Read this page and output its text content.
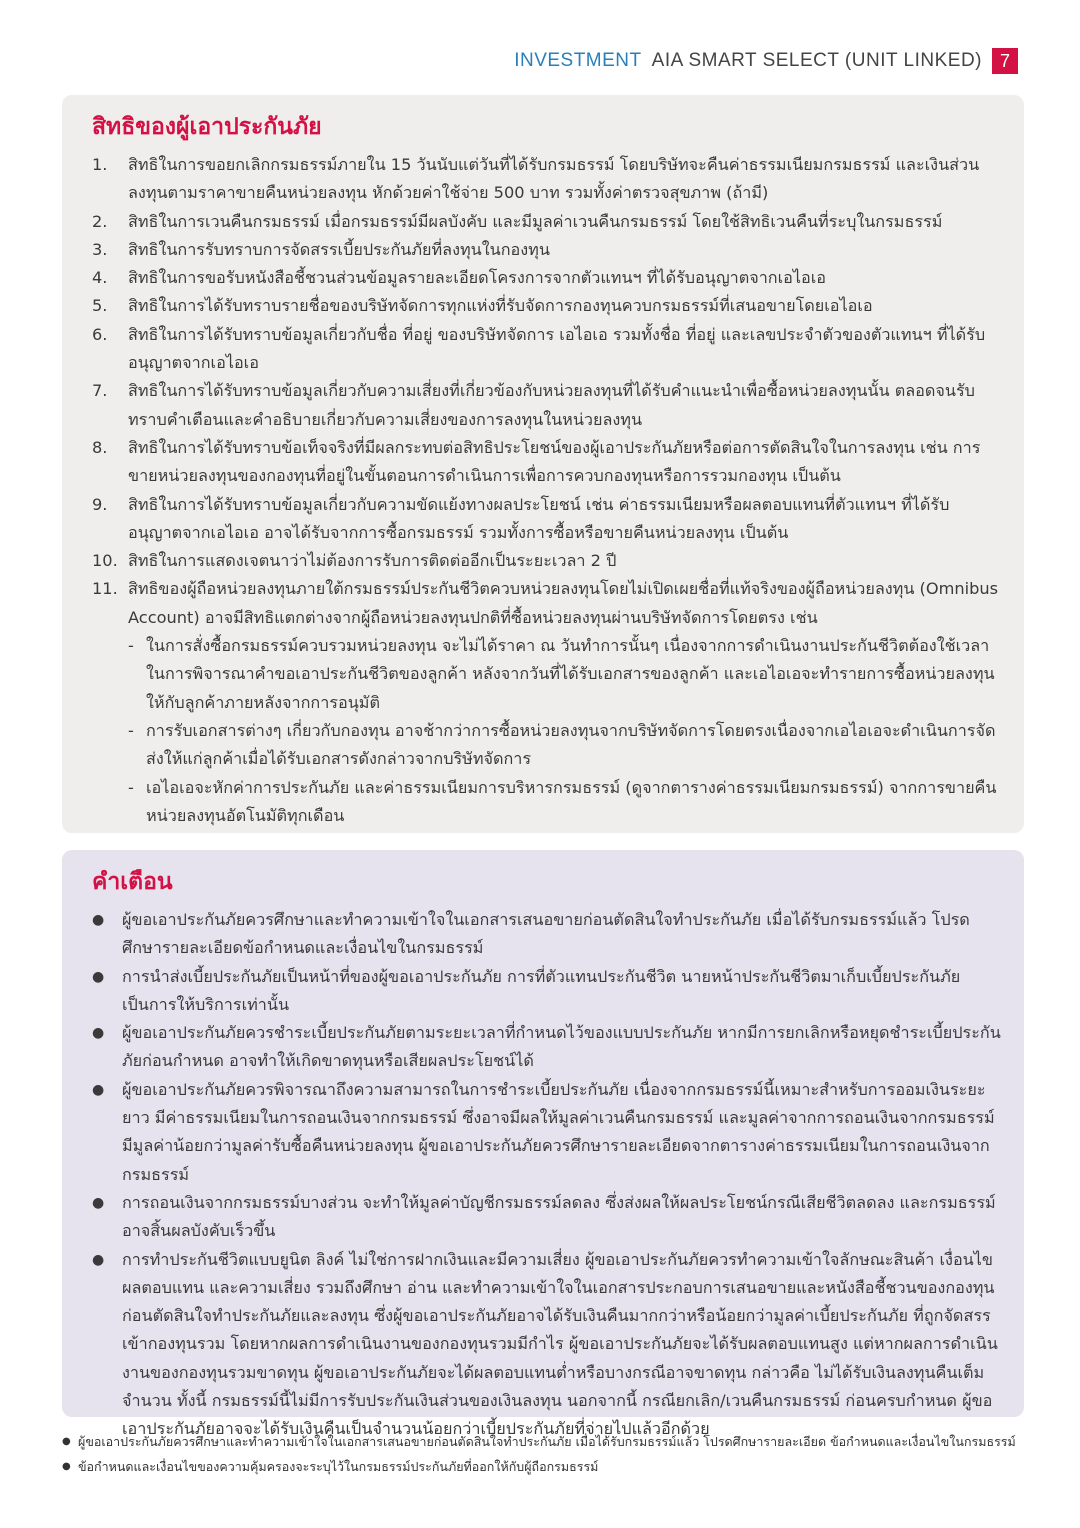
INVESTMENT AIA SMART SELECT (UNIT LINKED) 7
สิทธิของผู้เอาประกันภัย
1.	สิทธิในการขอยกเลิกกรมธรรม์ภายใน 15 วันนับแต่วันที่ได้รับกรมธรรม์ โดยบริษัทจะคืนค่าธรรมเนียมกรมธรรม์ และเงินส่วนลงทุนตามราคาขายคืนหน่วยลงทุน หักด้วยค่าใช้จ่าย 500 บาท รวมทั้งค่าตรวจสุขภาพ (ถ้ามี)
2.	สิทธิในการเวนคืนกรมธรรม์ เมื่อกรมธรรม์มีผลบังคับ และมีมูลค่าเวนคืนกรมธรรม์ โดยใช้สิทธิเวนคืนที่ระบุในกรมธรรม์
3.	สิทธิในการรับทราบการจัดสรรเบี้ยประกันภัยที่ลงทุนในกองทุน
4.	สิทธิในการขอรับหนังสือชี้ชวนส่วนข้อมูลรายละเอียดโครงการจากตัวแทนฯ ที่ได้รับอนุญาตจากเอไอเอ
5.	สิทธิในการได้รับทราบรายชื่อของบริษัทจัดการทุกแห่งที่รับจัดการกองทุนควบกรมธรรม์ที่เสนอขายโดยเอไอเอ
6.	สิทธิในการได้รับทราบข้อมูลเกี่ยวกับชื่อ ที่อยู่ ของบริษัทจัดการ เอไอเอ รวมทั้งชื่อ ที่อยู่ และเลขประจำตัวของตัวแทนฯ ที่ได้รับอนุญาตจากเอไอเอ
7.	สิทธิในการได้รับทราบข้อมูลเกี่ยวกับความเสี่ยงที่เกี่ยวข้องกับหน่วยลงทุนที่ได้รับคำแนะนำเพื่อซื้อหน่วยลงทุนนั้น ตลอดจนรับทราบคำเตือนและคำอธิบายเกี่ยวกับความเสี่ยงของการลงทุนในหน่วยลงทุน
8.	สิทธิในการได้รับทราบข้อเท็จจริงที่มีผลกระทบต่อสิทธิประโยชน์ของผู้เอาประกันภัยหรือต่อการตัดสินใจในการลงทุน เช่น การขายหน่วยลงทุนของกองทุนที่อยู่ในขั้นตอนการดำเนินการเพื่อการควบกองทุนหรือการรวมกองทุน เป็นต้น
9.	สิทธิในการได้รับทราบข้อมูลเกี่ยวกับความขัดแย้งทางผลประโยชน์ เช่น ค่าธรรมเนียมหรือผลตอบแทนที่ตัวแทนฯ ที่ได้รับอนุญาตจากเอไอเอ อาจได้รับจากการซื้อกรมธรรม์ รวมทั้งการซื้อหรือขายคืนหน่วยลงทุน เป็นต้น
10. สิทธิในการแสดงเจตนาว่าไม่ต้องการรับการติดต่ออีกเป็นระยะเวลา 2 ปี
11. สิทธิของผู้ถือหน่วยลงทุนภายใต้กรมธรรม์ประกันชีวิตควบหน่วยลงทุนโดยไม่เปิดเผยชื่อที่แท้จริงของผู้ถือหน่วยลงทุน (Omnibus Account) อาจมีสิทธิแตกต่างจากผู้ถือหน่วยลงทุนปกติที่ซื้อหน่วยลงทุนผ่านบริษัทจัดการโดยตรง เช่น
- ในการสั่งซื้อกรมธรรม์ควบรวมหน่วยลงทุน จะไม่ได้ราคา ณ วันทำการนั้นๆ เนื่องจากการดำเนินงานประกันชีวิตต้องใช้เวลาในการพิจารณาคำขอเอาประกันชีวิตของลูกค้า หลังจากวันที่ได้รับเอกสารของลูกค้า และเอไอเอจะทำรายการซื้อหน่วยลงทุนให้กับลูกค้าภายหลังจากการอนุมัติ
- การรับเอกสารต่างๆ เกี่ยวกับกองทุน อาจช้ากว่าการซื้อหน่วยลงทุนจากบริษัทจัดการโดยตรงเนื่องจากเอไอเอจะดำเนินการจัดส่งให้แก่ลูกค้าเมื่อได้รับเอกสารดังกล่าวจากบริษัทจัดการ
- เอไอเอจะหักค่าการประกันภัย และค่าธรรมเนียมการบริหารกรมธรรม์ (ดูจากตารางค่าธรรมเนียมกรมธรรม์) จากการขายคืนหน่วยลงทุนอัตโนมัติทุกเดือน
คำเตือน
●	ผู้ขอเอาประกันภัยควรศึกษาและทำความเข้าใจในเอกสารเสนอขายก่อนตัดสินใจทำประกันภัย เมื่อได้รับกรมธรรม์แล้ว โปรดศึกษารายละเอียดข้อกำหนดและเงื่อนไขในกรมธรรม์
●	การนำส่งเบี้ยประกันภัยเป็นหน้าที่ของผู้ขอเอาประกันภัย การที่ตัวแทนประกันชีวิต นายหน้าประกันชีวิตมาเก็บเบี้ยประกันภัยเป็นการให้บริการเท่านั้น
●	ผู้ขอเอาประกันภัยควรชำระเบี้ยประกันภัยตามระยะเวลาที่กำหนดไว้ของแบบประกันภัย หากมีการยกเลิกหรือหยุดชำระเบี้ยประกันภัยก่อนกำหนด อาจทำให้เกิดขาดทุนหรือเสียผลประโยชน์ได้
●	ผู้ขอเอาประกันภัยควรพิจารณาถึงความสามารถในการชำระเบี้ยประกันภัย เนื่องจากกรมธรรม์นี้เหมาะสำหรับการออมเงินระยะยาว มีค่าธรรมเนียมในการถอนเงินจากกรมธรรม์ ซึ่งอาจมีผลให้มูลค่าเวนคืนกรมธรรม์ และมูลค่าจากการถอนเงินจากกรมธรรม์ มีมูลค่าน้อยกว่ามูลค่ารับซื้อคืนหน่วยลงทุน ผู้ขอเอาประกันภัยควรศึกษารายละเอียดจากตารางค่าธรรมเนียมในการถอนเงินจากกรมธรรม์
●	การถอนเงินจากกรมธรรม์บางส่วน จะทำให้มูลค่าบัญชีกรมธรรม์ลดลง ซึ่งส่งผลให้ผลประโยชน์กรณีเสียชีวิตลดลง และกรมธรรม์อาจสิ้นผลบังคับเร็วขึ้น
●	การทำประกันชีวิตแบบยูนิต ลิงค์ ไม่ใช่การฝากเงินและมีความเสี่ยง ผู้ขอเอาประกันภัยควรทำความเข้าใจลักษณะสินค้า เงื่อนไข ผลตอบแทน และความเสี่ยง รวมถึงศึกษา อ่าน และทำความเข้าใจในเอกสารประกอบการเสนอขายและหนังสือชี้ชวนของกองทุนก่อนตัดสินใจทำประกันภัยและลงทุน ซึ่งผู้ขอเอาประกันภัยอาจได้รับเงินคืนมากกว่าหรือน้อยกว่ามูลค่าเบี้ยประกันภัย ที่ถูกจัดสรรเข้ากองทุนรวม โดยหากผลการดำเนินงานของกองทุนรวมมีกำไร ผู้ขอเอาประกันภัยจะได้รับผลตอบแทนสูง แต่หากผลการดำเนินงานของกองทุนรวมขาดทุน ผู้ขอเอาประกันภัยจะได้ผลตอบแทนต่ำหรือบางกรณีอาจขาดทุน กล่าวคือ ไม่ได้รับเงินลงทุนคืนเต็มจำนวน ทั้งนี้ กรมธรรม์นี้ไม่มีการรับประกันเงินส่วนของเงินลงทุน นอกจากนี้ กรณียกเลิก/เวนคืนกรมธรรม์ ก่อนครบกำหนด ผู้ขอเอาประกันภัยอาจจะได้รับเงินคืนเป็นจำนวนน้อยกว่าเบี้ยประกันภัยที่จ่ายไปแล้วอีกด้วย
● ผู้ขอเอาประกันภัยควรศึกษาและทำความเข้าใจในเอกสารเสนอขายก่อนตัดสินใจทำประกันภัย เมื่อได้รับกรมธรรม์แล้ว โปรดศึกษารายละเอียด ข้อกำหนดและเงื่อนไขในกรมธรรม์
● ข้อกำหนดและเงื่อนไขของความคุ้มครองจะระบุไว้ในกรมธรรม์ประกันภัยที่ออกให้กับผู้ถือกรมธรรม์
